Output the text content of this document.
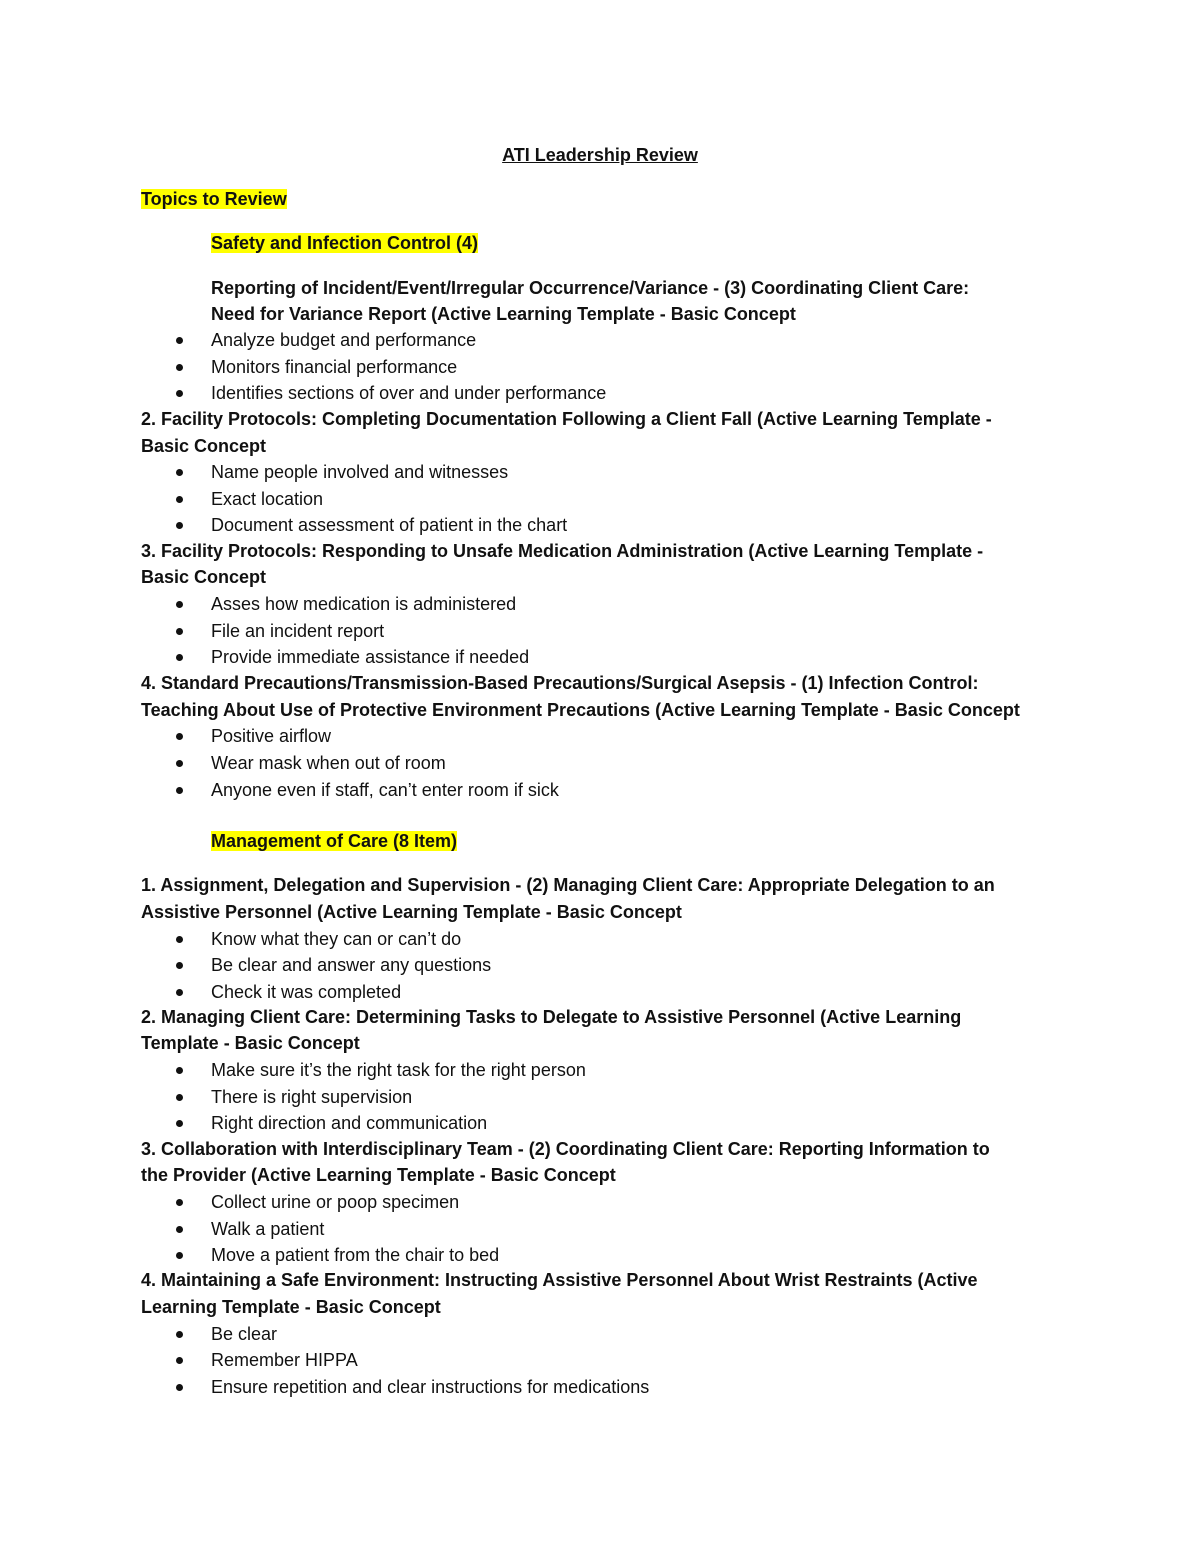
ATI Leadership Review
Topics to Review
Safety and Infection Control (4)
Reporting of Incident/Event/Irregular Occurrence/Variance - (3) Coordinating Client Care:
Need for Variance Report (Active Learning Template - Basic Concept
Analyze budget and performance
Monitors financial performance
Identifies sections of over and under performance
2. Facility Protocols: Completing Documentation Following a Client Fall (Active Learning Template -
Basic Concept
Name people involved and witnesses
Exact location
Document assessment of patient in the chart
3. Facility Protocols: Responding to Unsafe Medication Administration (Active Learning Template -
Basic Concept
Asses how medication is administered
File an incident report
Provide immediate assistance if needed
4. Standard Precautions/Transmission-Based Precautions/Surgical Asepsis - (1) Infection Control:
Teaching About Use of Protective Environment Precautions (Active Learning Template - Basic Concept
Positive airflow
Wear mask when out of room
Anyone even if staff, can’t enter room if sick
Management of Care (8 Item)
1. Assignment, Delegation and Supervision - (2) Managing Client Care: Appropriate Delegation to an
Assistive Personnel (Active Learning Template - Basic Concept
Know what they can or can’t do
Be clear and answer any questions
Check it was completed
2. Managing Client Care: Determining Tasks to Delegate to Assistive Personnel (Active Learning
Template - Basic Concept
Make sure it’s the right task for the right person
There is right supervision
Right direction and communication
3. Collaboration with Interdisciplinary Team - (2) Coordinating Client Care: Reporting Information to
the Provider (Active Learning Template - Basic Concept
Collect urine or poop specimen
Walk a patient
Move a patient from the chair to bed
4. Maintaining a Safe Environment: Instructing Assistive Personnel About Wrist Restraints (Active
Learning Template - Basic Concept
Be clear
Remember HIPPA
Ensure repetition and clear instructions for medications
